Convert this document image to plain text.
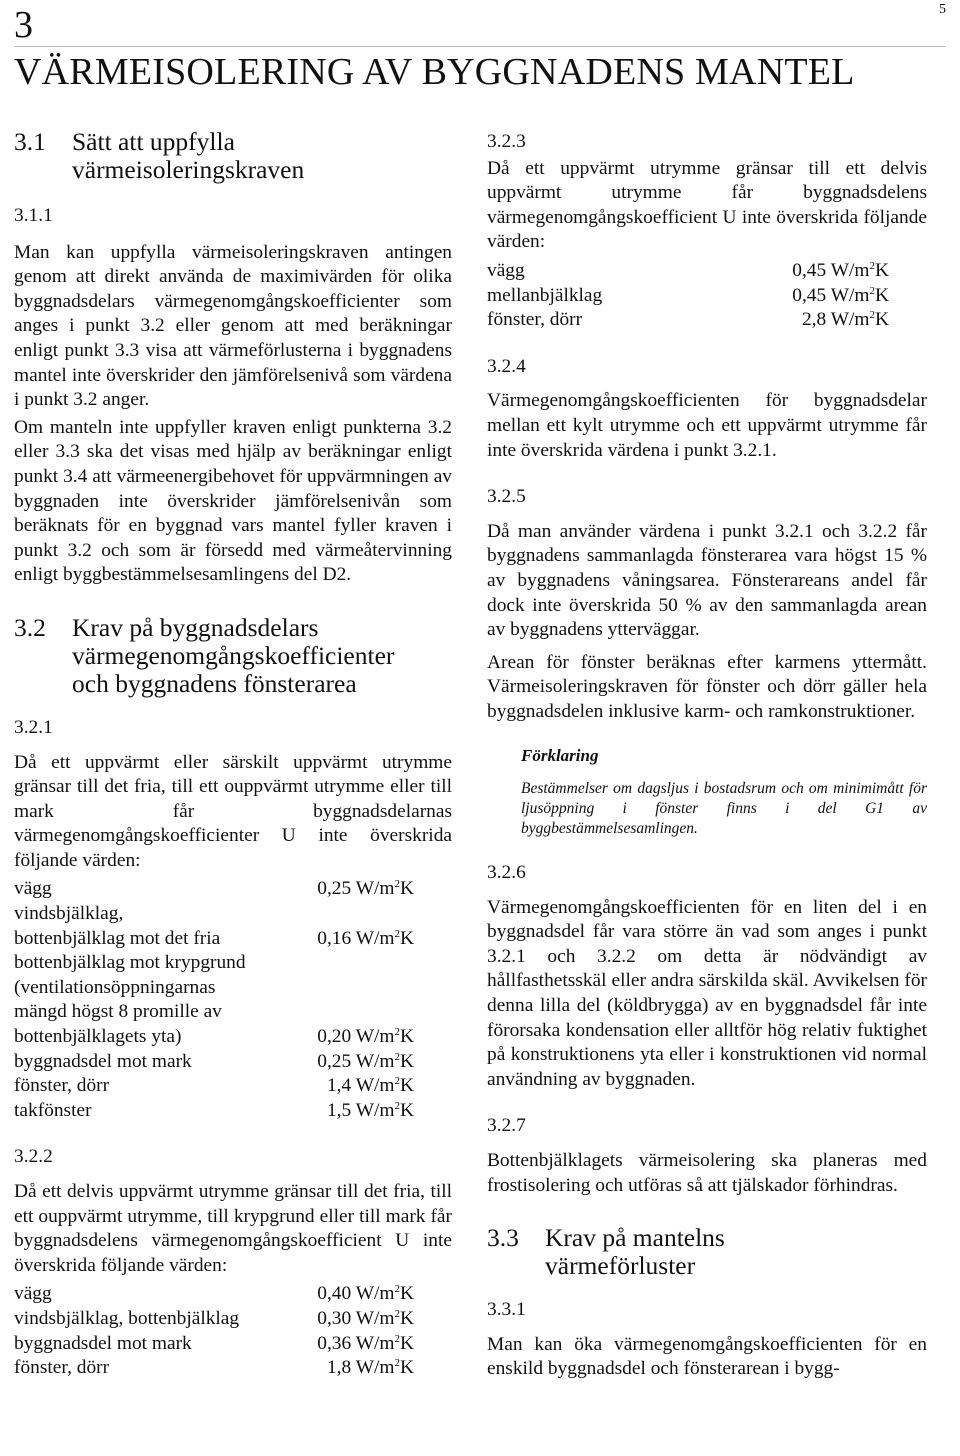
3	5
VÄRMEISOLERING AV BYGGNADENS MANTEL
3.1	Sätt att uppfylla
värmeisoleringskraven
3.1.1

Man kan uppfylla värmeisoleringskraven antingen genom att direkt använda de maximivärden för olika byggnadsdelars värmegenomgångskoefficienter som anges i punkt 3.2 eller genom att med beräkningar enligt punkt 3.3 visa att värmeförlusterna i byggnadens mantel inte överskrider den jämförelsenivå som värdena i punkt 3.2 anger.

Om manteln inte uppfyller kraven enligt punkterna 3.2 eller 3.3 ska det visas med hjälp av beräkningar enligt punkt 3.4 att värmeenergibehovet för uppvärmningen av byggnaden inte överskrider jämförelsenivån som beräknats för en byggnad vars mantel fyller kraven i punkt 3.2 och som är försedd med värmeåtervinning enligt byggbestämmelsesamlingens del D2.

3.2	Krav på byggnadsdelars
värmegenomgångskoefficienter
och byggnadens fönsterarea
3.2.1

Då ett uppvärmt eller särskilt uppvärmt utrymme gränsar till det fria, till ett ouppvärmt utrymme eller till mark får byggnadsdelarnas värmegenomgångskoefficienter U inte överskrida följande värden:

vägg	0,25 $W/m^2K$
vindsbjälklag,	
bottenbjälklag mot det fria	0,16 $W/m^2K$
bottenbjälklag mot krypgrund	
(ventilationsöppningarnas	
mängd högst 8 promille av	
bottenbjälklagets yta)	0,20 $W/m^2K$
byggnadsdel mot mark	0,25 $W/m^2K$
fönster, dörr	1,4 $W/m^2K$
takfönster	1,5 $W/m^2K$
3.2.2

Då ett delvis uppvärmt utrymme gränsar till det fria, till ett ouppvärmt utrymme, till krypgrund eller till mark får byggnadsdelens värmegenomgångskoefficient U inte överskrida följande värden:

vägg	0,40 $W/m^2K$
vindsbjälklag, bottenbjälklag	0,30 $W/m^2K$
byggnadsdel mot mark	0,36 $W/m^2K$
fönster, dörr	1,8 $W/m^2K$
3.2.3

Då ett uppvärmt utrymme gränsar till ett delvis uppvärmt utrymme får byggnadsdelens värmegenomgångskoefficient U inte överskrida följande värden:

vägg	0,45 $W/m^2K$
mellanbjälklag	0,45 $W/m^2K$
fönster, dörr	2,8 $W/m^2K$
3.2.4

Värmegenomgångskoefficienten för byggnadsdelar mellan ett kylt utrymme och ett uppvärmt utrymme får inte överskrida värdena i punkt 3.2.1.

3.2.5

Då man använder värdena i punkt 3.2.1 och 3.2.2 får byggnadens sammanlagda fönsterarea vara högst 15 % av byggnadens våningsarea. Fönsterareans andel får dock inte överskrida 50 % av den sammanlagda arean av byggnadens ytterväggar.

Arean för fönster beräknas efter karmens yttermått. Värmeisoleringskraven för fönster och dörr gäller hela byggnadsdelen inklusive karm- och ramkonstruktioner.

Förklaring
Bestämmelser om dagsljus i bostadsrum och om minimimått för ljusöppning i fönster finns i del G1 av byggbestämmelsesamlingen.
3.2.6

Värmegenomgångskoefficienten för en liten del i en byggnadsdel får vara större än vad som anges i punkt 3.2.1 och 3.2.2 om detta är nödvändigt av hållfasthetsskäl eller andra särskilda skäl. Avvikelsen för denna lilla del (köldbrygga) av en byggnadsdel får inte förorsaka kondensation eller alltför hög relativ fuktighet på konstruktionens yta eller i konstruktionen vid normal användning av byggnaden.

3.2.7

Bottenbjälklagets värmeisolering ska planeras med frostisolering och utföras så att tjälskador förhindras.

3.3	Krav på mantelns
värmeförluster
3.3.1

Man kan öka värmegenomgångskoefficienten för en enskild byggnadsdel och fönsterarean i bygg-
